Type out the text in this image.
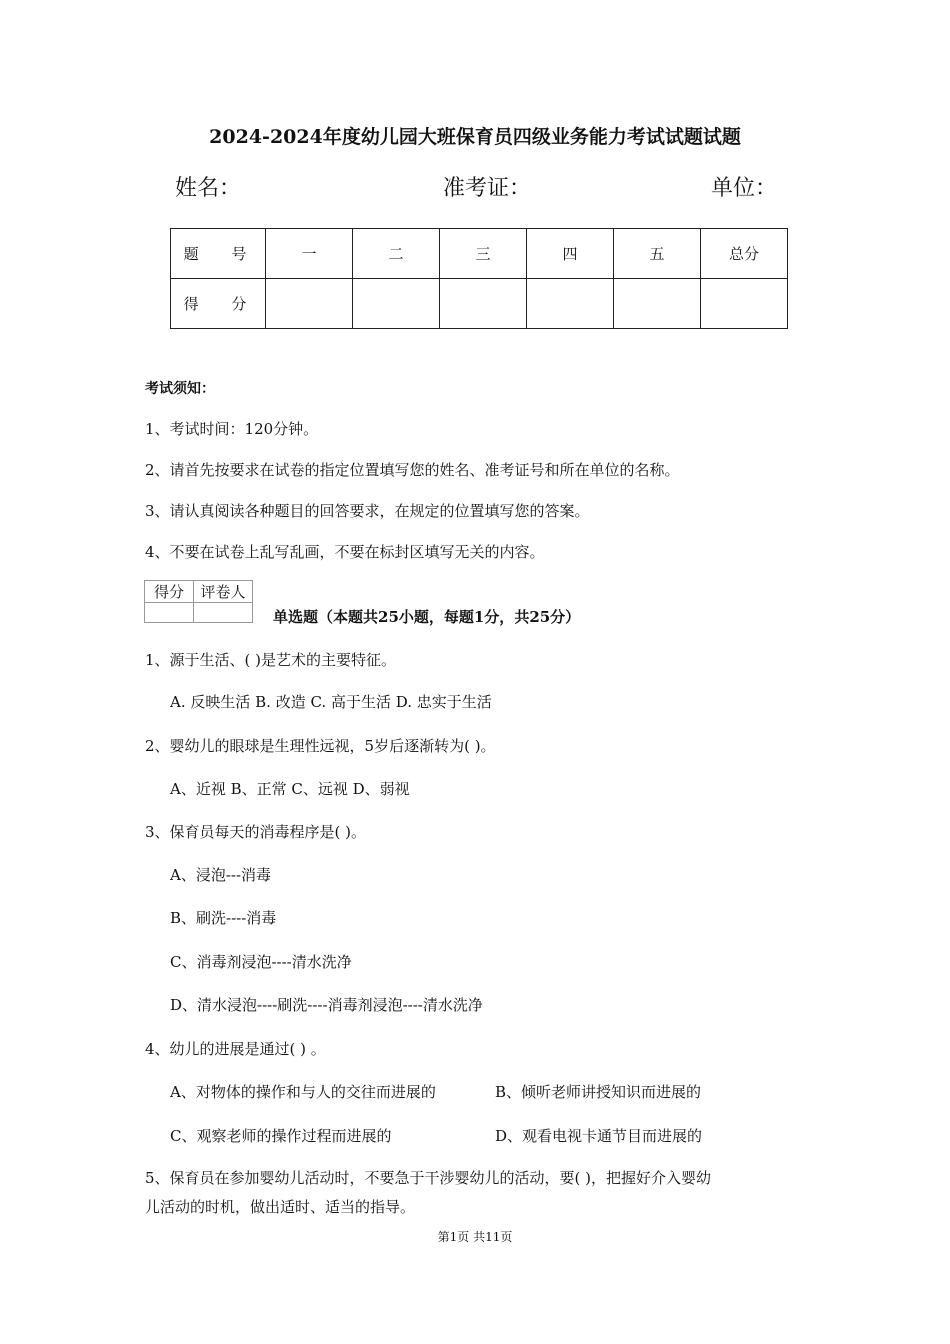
2024-2024年度幼儿园大班保育员四级业务能力考试试题试题
姓名：	准考证：	单位：
题 号	一	二	三	四	五	总分
得 分						
考试须知：
1、考试时间：120分钟。
2、请首先按要求在试卷的指定位置填写您的姓名、准考证号和所在单位的名称。
3、请认真阅读各种题目的回答要求，在规定的位置填写您的答案。
4、不要在试卷上乱写乱画，不要在标封区填写无关的内容。
得分	评卷人

单选题（本题共25小题，每题1分，共25分）
1、源于生活、( )是艺术的主要特征。
A. 反映生活 B. 改造 C. 高于生活 D. 忠实于生活
2、婴幼儿的眼球是生理性远视，5岁后逐渐转为( )。
A、近视 B、正常 C、远视 D、弱视
3、保育员每天的消毒程序是( )。
A、浸泡---消毒
B、刷洗----消毒
C、消毒剂浸泡----清水洗净
D、清水浸泡----刷洗----消毒剂浸泡----清水洗净
4、幼儿的进展是通过( ) 。
A、对物体的操作和与人的交往而进展的	B、倾听老师讲授知识而进展的
C、观察老师的操作过程而进展的	D、观看电视卡通节目而进展的
5、保育员在参加婴幼儿活动时，不要急于干涉婴幼儿的活动，要( )，把握好介入婴幼
儿活动的时机，做出适时、适当的指导。
第1页 共11页
